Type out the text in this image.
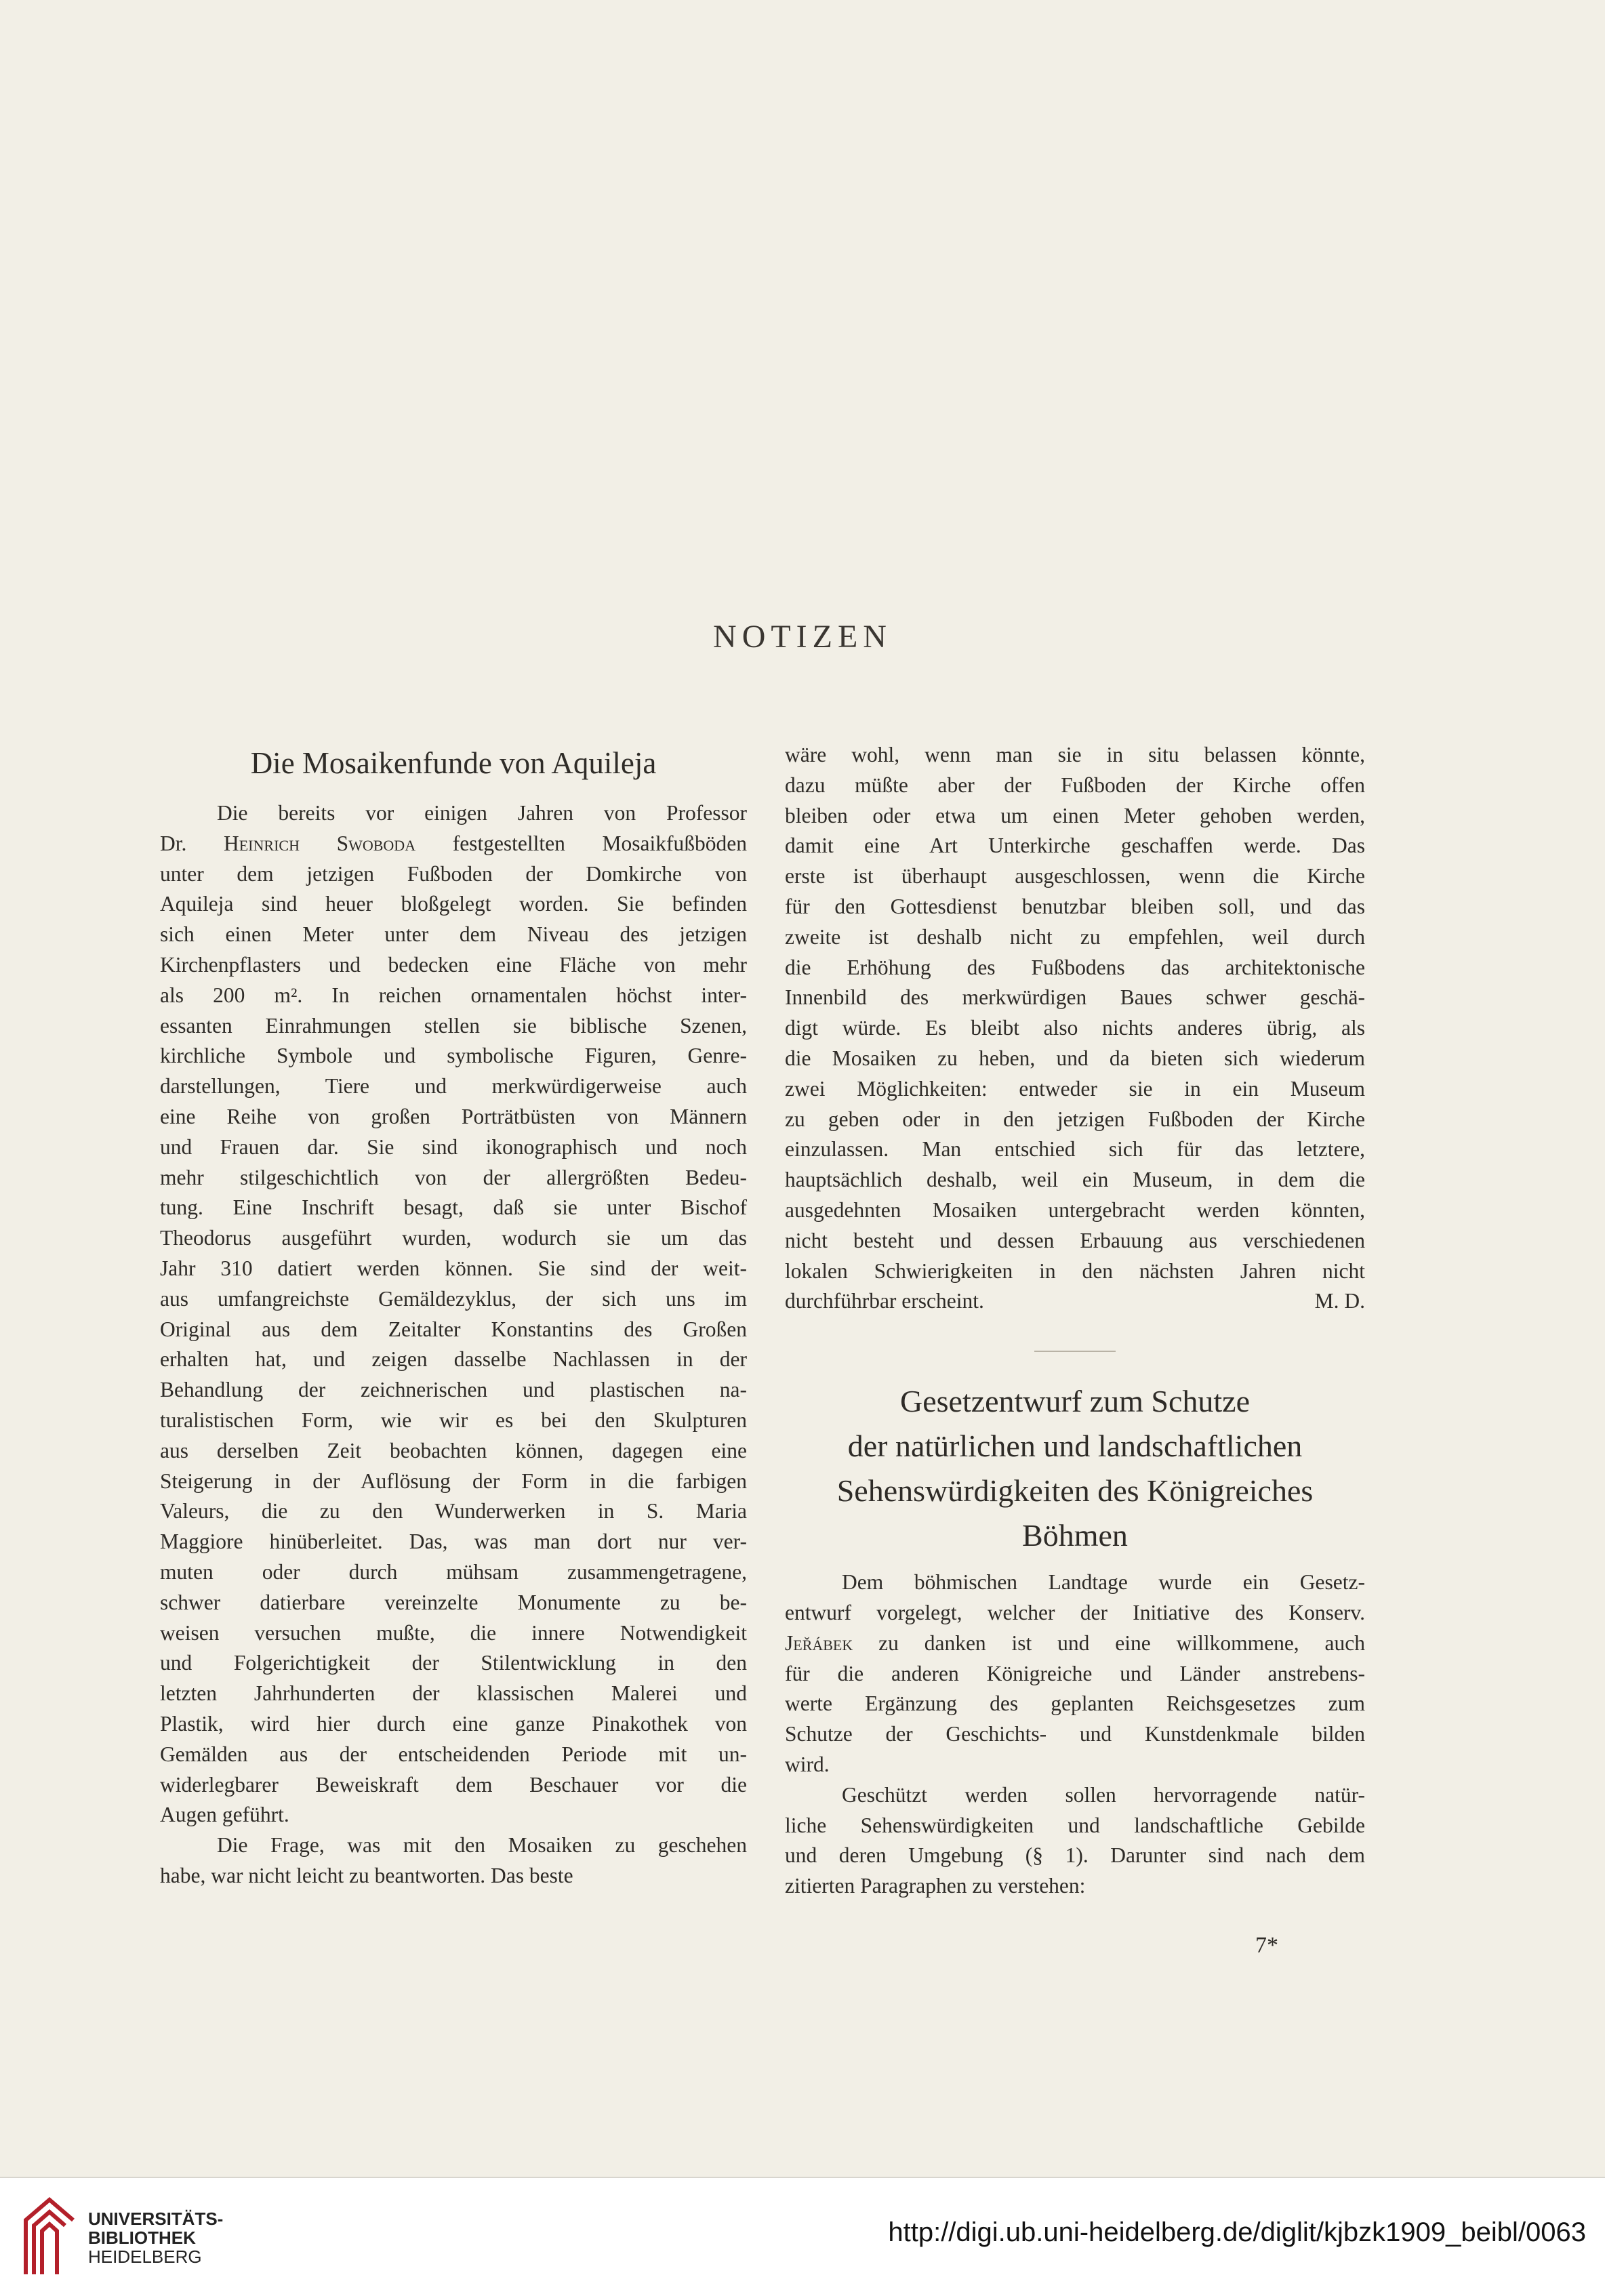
NOTIZEN
Die Mosaikenfunde von Aquileja
Die bereits vor einigen Jahren von Professor
Dr. Heinrich Swoboda festgestellten Mosaikfußböden
unter dem jetzigen Fußboden der Domkirche von
Aquileja sind heuer bloßgelegt worden. Sie befinden
sich einen Meter unter dem Niveau des jetzigen
Kirchenpflasters und bedecken eine Fläche von mehr
als 200 m². In reichen ornamentalen höchst inter-
essanten Einrahmungen stellen sie biblische Szenen,
kirchliche Symbole und symbolische Figuren, Genre-
darstellungen, Tiere und merkwürdigerweise auch
eine Reihe von großen Porträtbüsten von Männern
und Frauen dar. Sie sind ikonographisch und noch
mehr stilgeschichtlich von der allergrößten Bedeu-
tung. Eine Inschrift besagt, daß sie unter Bischof
Theodorus ausgeführt wurden, wodurch sie um das
Jahr 310 datiert werden können. Sie sind der weit-
aus umfangreichste Gemäldezyklus, der sich uns im
Original aus dem Zeitalter Konstantins des Großen
erhalten hat, und zeigen dasselbe Nachlassen in der
Behandlung der zeichnerischen und plastischen na-
turalistischen Form, wie wir es bei den Skulpturen
aus derselben Zeit beobachten können, dagegen eine
Steigerung in der Auflösung der Form in die farbigen
Valeurs, die zu den Wunderwerken in S. Maria
Maggiore hinüberleitet. Das, was man dort nur ver-
muten oder durch mühsam zusammengetragene,
schwer datierbare vereinzelte Monumente zu be-
weisen versuchen mußte, die innere Notwendigkeit
und Folgerichtigkeit der Stilentwicklung in den
letzten Jahrhunderten der klassischen Malerei und
Plastik, wird hier durch eine ganze Pinakothek von
Gemälden aus der entscheidenden Periode mit un-
widerlegbarer Beweiskraft dem Beschauer vor die
Augen geführt.
Die Frage, was mit den Mosaiken zu geschehen
habe, war nicht leicht zu beantworten. Das beste
wäre wohl, wenn man sie in situ belassen könnte,
dazu müßte aber der Fußboden der Kirche offen
bleiben oder etwa um einen Meter gehoben werden,
damit eine Art Unterkirche geschaffen werde. Das
erste ist überhaupt ausgeschlossen, wenn die Kirche
für den Gottesdienst benutzbar bleiben soll, und das
zweite ist deshalb nicht zu empfehlen, weil durch
die Erhöhung des Fußbodens das architektonische
Innenbild des merkwürdigen Baues schwer geschä-
digt würde. Es bleibt also nichts anderes übrig, als
die Mosaiken zu heben, und da bieten sich wiederum
zwei Möglichkeiten: entweder sie in ein Museum
zu geben oder in den jetzigen Fußboden der Kirche
einzulassen. Man entschied sich für das letztere,
hauptsächlich deshalb, weil ein Museum, in dem die
ausgedehnten Mosaiken untergebracht werden könnten,
nicht besteht und dessen Erbauung aus verschiedenen
lokalen Schwierigkeiten in den nächsten Jahren nicht
durchführbar erscheint.	M. D.
Gesetzentwurf zum Schutze
der natürlichen und landschaftlichen
Sehenswürdigkeiten des Königreiches
Böhmen
Dem böhmischen Landtage wurde ein Gesetz-
entwurf vorgelegt, welcher der Initiative des Konserv.
Jeřábek zu danken ist und eine willkommene, auch
für die anderen Königreiche und Länder anstrebens-
werte Ergänzung des geplanten Reichsgesetzes zum
Schutze der Geschichts- und Kunstdenkmale bilden
wird.
Geschützt werden sollen hervorragende natür-
liche Sehenswürdigkeiten und landschaftliche Gebilde
und deren Umgebung (§ 1). Darunter sind nach dem
zitierten Paragraphen zu verstehen:
7*
UNIVERSITÄTS-
BIBLIOTHEK
HEIDELBERG
http://digi.ub.uni-heidelberg.de/diglit/kjbzk1909_beibl/0063
